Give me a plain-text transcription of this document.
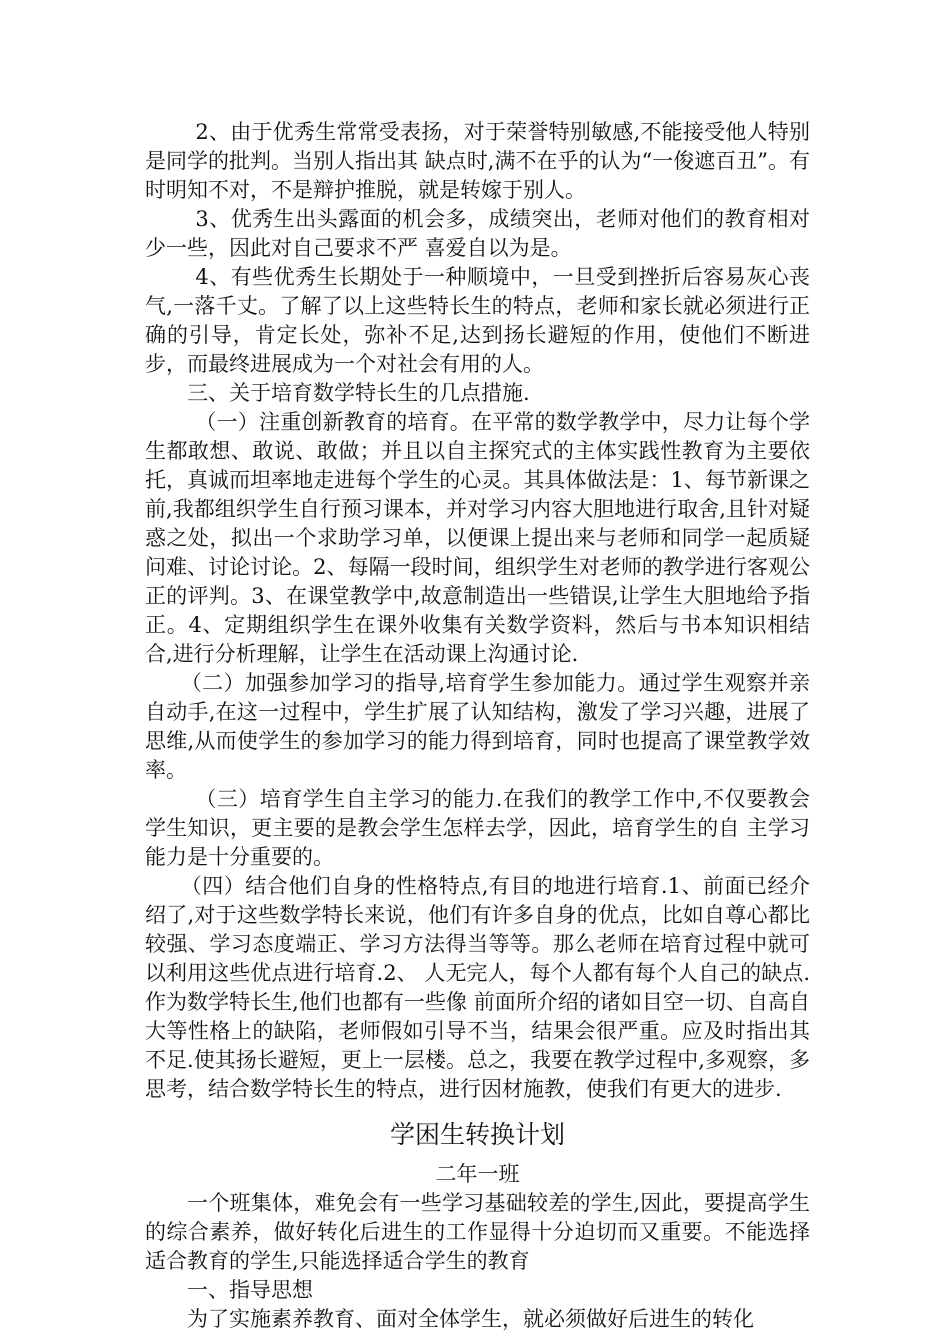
2、由于优秀生常常受表扬，对于荣誉特别敏感,不能接受他人特别是同学的批判。当别人指出其 缺点时,满不在乎的认为“一俊遮百丑”。有时明知不对，不是辩护推脱，就是转嫁于别人。

3、优秀生出头露面的机会多，成绩突出，老师对他们的教育相对少一些，因此对自己要求不严 喜爱自以为是。

4、有些优秀生长期处于一种顺境中，一旦受到挫折后容易灰心丧气,一落千丈。了解了以上这些特长生的特点，老师和家长就必须进行正确的引导，肯定长处，弥补不足,达到扬长避短的作用，使他们不断进步，而最终进展成为一个对社会有用的人。

三、关于培育数学特长生的几点措施.

（一）注重创新教育的培育。在平常的数学教学中，尽力让每个学生都敢想、敢说、敢做；并且以自主探究式的主体实践性教育为主要依托，真诚而坦率地走进每个学生的心灵。其具体做法是：1、每节新课之前,我都组织学生自行预习课本，并对学习内容大胆地进行取舍,且针对疑惑之处，拟出一个求助学习单，以便课上提出来与老师和同学一起质疑问难、讨论讨论。2、每隔一段时间，组织学生对老师的教学进行客观公正的评判。3、在课堂教学中,故意制造出一些错误,让学生大胆地给予指正。4、定期组织学生在课外收集有关数学资料，然后与书本知识相结合,进行分析理解，让学生在活动课上沟通讨论.

（二）加强参加学习的指导,培育学生参加能力。通过学生观察并亲自动手,在这一过程中，学生扩展了认知结构，激发了学习兴趣，进展了思维,从而使学生的参加学习的能力得到培育，同时也提高了课堂教学效率。

（三）培育学生自主学习的能力.在我们的教学工作中,不仅要教会学生知识，更主要的是教会学生怎样去学，因此，培育学生的自 主学习能力是十分重要的。

（四）结合他们自身的性格特点,有目的地进行培育.1、前面已经介绍了,对于这些数学特长来说，他们有许多自身的优点，比如自尊心都比较强、学习态度端正、学习方法得当等等。那么老师在培育过程中就可以利用这些优点进行培育.2、 人无完人，每个人都有每个人自己的缺点.作为数学特长生,他们也都有一些像 前面所介绍的诸如目空一切、自高自大等性格上的缺陷，老师假如引导不当，结果会很严重。应及时指出其不足.使其扬长避短，更上一层楼。总之，我要在教学过程中,多观察，多思考，结合数学特长生的特点，进行因材施教，使我们有更大的进步.

学困生转换计划

二年一班

一个班集体，难免会有一些学习基础较差的学生,因此，要提高学生的综合素养，做好转化后进生的工作显得十分迫切而又重要。不能选择适合教育的学生,只能选择适合学生的教育

一、指导思想

为了实施素养教育、面对全体学生，就必须做好后进生的转化
